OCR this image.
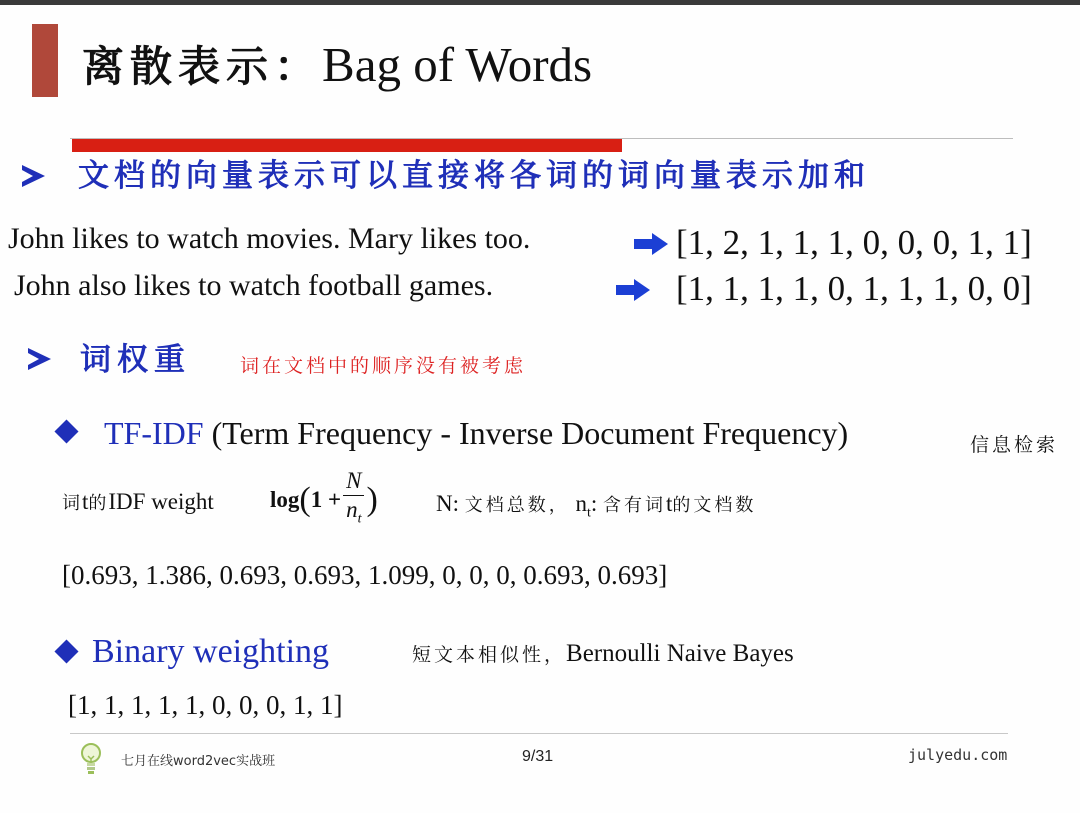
离散表示：Bag of Words
文档的向量表示可以直接将各词的词向量表示加和
John likes to watch movies. Mary likes too.	[1, 2, 1, 1, 1, 0, 0, 0, 1, 1]
John also likes to watch football games.	[1, 1, 1, 1, 0, 1, 1, 1, 0, 0]
词权重	词在文档中的顺序没有被考虑
TF-IDF (Term Frequency - Inverse Document Frequency)	信息检索
词t的IDF weight log ( $1 + \frac{N}{n_t}$ )	N: 文档总数， $n_t$: 含有词t的文档数
[0.693, 1.386, 0.693, 0.693, 1.099, 0, 0, 0, 0.693, 0.693]
Binary weighting	短文本相似性，Bernoulli Naive Bayes
[1, 1, 1, 1, 1, 0, 0, 0, 1, 1]
七月在线word2vec实战班	9/31	julyedu.com
